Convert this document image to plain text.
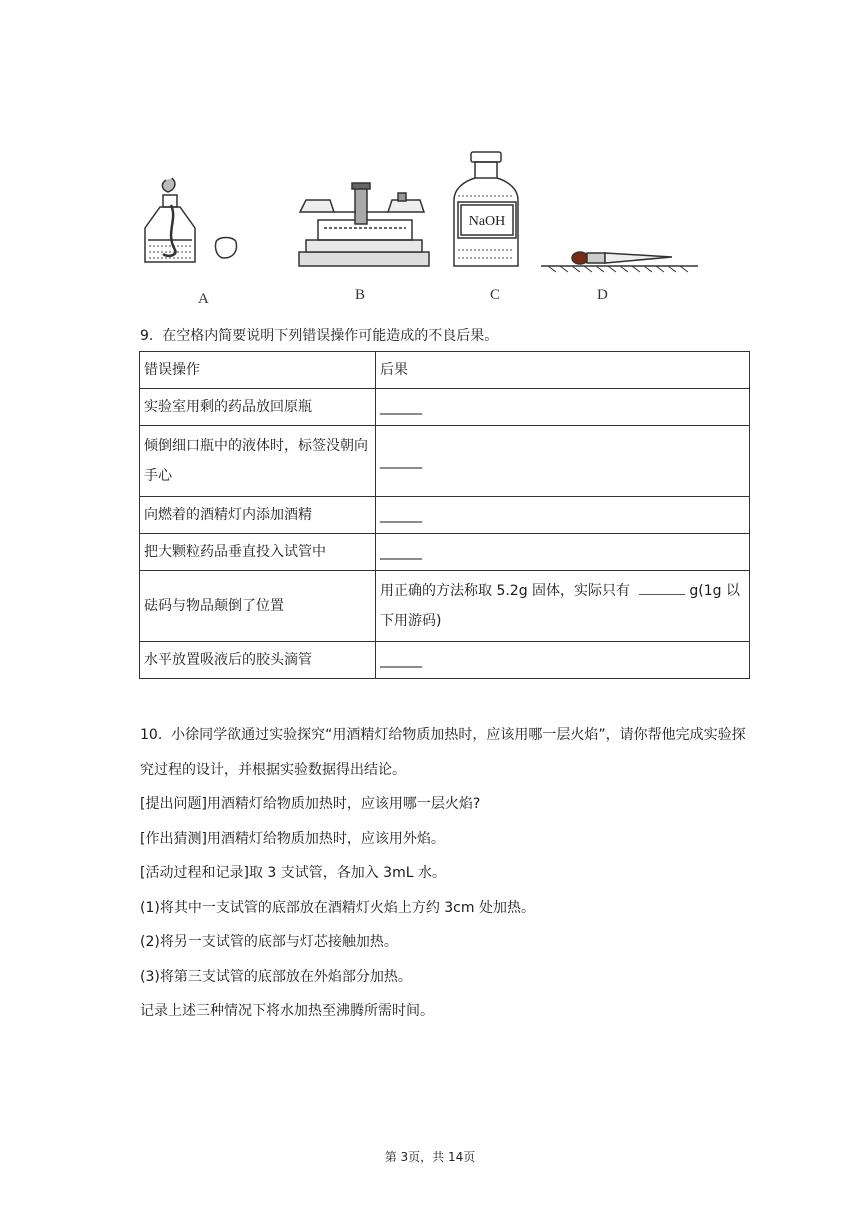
NaOH
A	B	C	D
9.  在空格内简要说明下列错误操作可能造成的不良后果。
错误操作	后果
实验室用剩的药品放回原瓶	______
倾倒细口瓶中的液体时，标签没朝向手心	______
向燃着的酒精灯内添加酒精	______
把大颗粒药品垂直投入试管中	______
砝码与物品颠倒了位置	用正确的方法称取 5.2g 固体，实际只有 g(1g 以下用游码)
水平放置吸液后的胶头滴管	______

10.  小徐同学欲通过实验探究“用酒精灯给物质加热时，应该用哪一层火焰”，请你帮他完成实验探究过程的设计，并根据实验数据得出结论。

[提出问题]用酒精灯给物质加热时，应该用哪一层火焰?

[作出猜测]用酒精灯给物质加热时，应该用外焰。

[活动过程和记录]取 3 支试管，各加入 3mL 水。

(1)将其中一支试管的底部放在酒精灯火焰上方约 3cm 处加热。

(2)将另一支试管的底部与灯芯接触加热。

(3)将第三支试管的底部放在外焰部分加热。

记录上述三种情况下将水加热至沸腾所需时间。

第 3页，共 14页
